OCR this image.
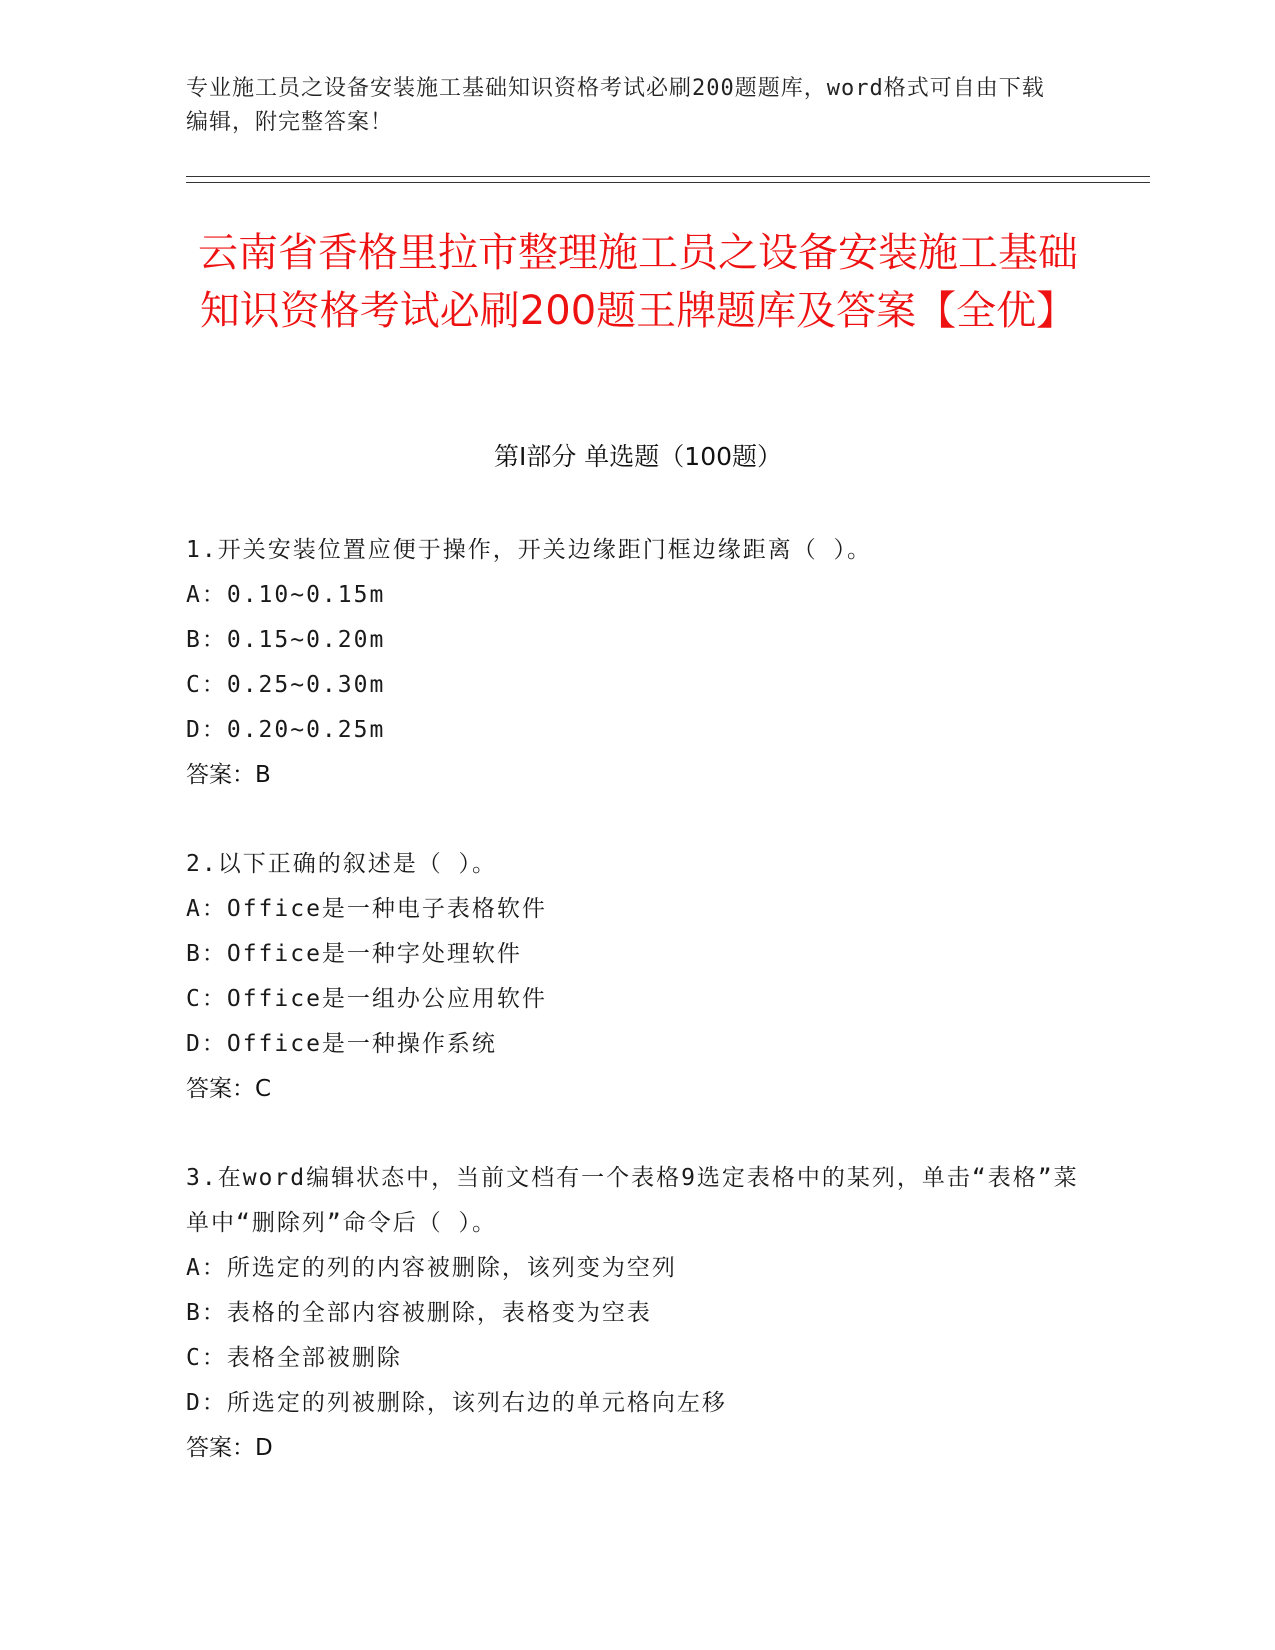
专业施工员之设备安装施工基础知识资格考试必刷200题题库，word格式可自由下载编辑，附完整答案！
云南省香格里拉市整理施工员之设备安装施工基础知识资格考试必刷200题王牌题库及答案【全优】
第Ⅰ部分 单选题（100题）

1.开关安装位置应便于操作，开关边缘距门框边缘距离（ ）。

A：0.10~0.15m

B：0.15~0.20m

C：0.25~0.30m

D：0.20~0.25m

答案：B

2.以下正确的叙述是（ ）。

A：Office是一种电子表格软件

B：Office是一种字处理软件

C：Office是一组办公应用软件

D：Office是一种操作系统

答案：C

3.在word编辑状态中，当前文档有一个表格9选定表格中的某列，单击“表格”菜单中“删除列”命令后（ ）。

A：所选定的列的内容被删除，该列变为空列

B：表格的全部内容被删除，表格变为空表

C：表格全部被删除

D：所选定的列被删除，该列右边的单元格向左移

答案：D
